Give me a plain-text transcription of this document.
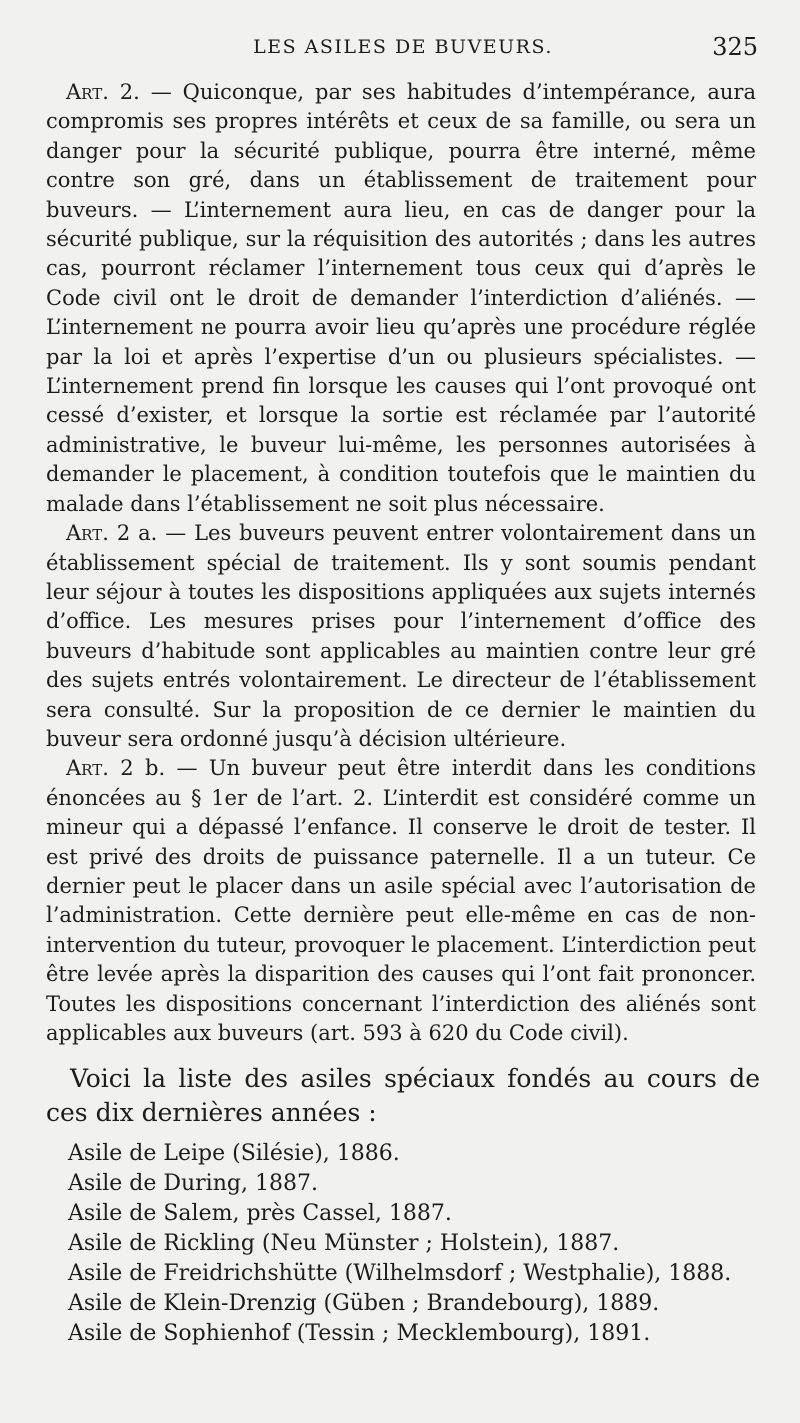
LES ASILES DE BUVEURS.	325

Art. 2. — Quiconque, par ses habitudes d’intempérance, aura compromis ses propres intérêts et ceux de sa famille, ou sera un danger pour la sécurité publique, pourra être interné, même contre son gré, dans un établissement de traitement pour buveurs. — L’internement aura lieu, en cas de danger pour la sécurité publique, sur la réquisition des autorités ; dans les autres cas, pourront réclamer l’internement tous ceux qui d’après le Code civil ont le droit de demander l’interdiction d’aliénés. — L’internement ne pourra avoir lieu qu’après une procédure réglée par la loi et après l’expertise d’un ou plusieurs spécialistes. — L’internement prend fin lorsque les causes qui l’ont provoqué ont cessé d’exister, et lorsque la sortie est réclamée par l’autorité administrative, le buveur lui-même, les personnes autorisées à demander le placement, à condition toutefois que le maintien du malade dans l’établissement ne soit plus nécessaire.

Art. 2 a. — Les buveurs peuvent entrer volontairement dans un établissement spécial de traitement. Ils y sont soumis pendant leur séjour à toutes les dispositions appliquées aux sujets internés d’office. Les mesures prises pour l’internement d’office des buveurs d’habitude sont applicables au maintien contre leur gré des sujets entrés volontairement. Le directeur de l’établissement sera consulté. Sur la proposition de ce dernier le maintien du buveur sera ordonné jusqu’à décision ultérieure.

Art. 2 b. — Un buveur peut être interdit dans les conditions énoncées au § 1er de l’art. 2. L’interdit est considéré comme un mineur qui a dépassé l’enfance. Il conserve le droit de tester. Il est privé des droits de puissance paternelle. Il a un tuteur. Ce dernier peut le placer dans un asile spécial avec l’autorisation de l’administration. Cette dernière peut elle-même en cas de non-intervention du tuteur, provoquer le placement. L’interdiction peut être levée après la disparition des causes qui l’ont fait prononcer. Toutes les dispositions concernant l’interdiction des aliénés sont applicables aux buveurs (art. 593 à 620 du Code civil).

Voici la liste des asiles spéciaux fondés au cours de ces dix dernières années :

Asile de Leipe (Silésie), 1886.
Asile de During, 1887.
Asile de Salem, près Cassel, 1887.
Asile de Rickling (Neu Münster ; Holstein), 1887.
Asile de Freidrichshütte (Wilhelmsdorf ; Westphalie), 1888.
Asile de Klein-Drenzig (Güben ; Brandebourg), 1889.
Asile de Sophienhof (Tessin ; Mecklembourg), 1891.
